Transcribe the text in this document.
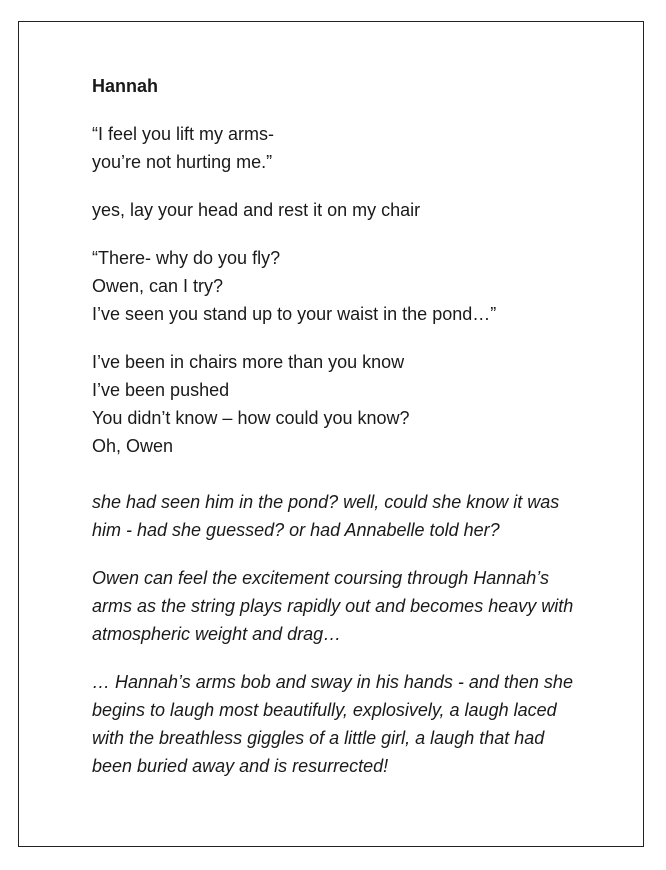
Hannah
“I feel you lift my arms-
you’re not hurting me.”
yes, lay your head and rest it on my chair
“There- why do you fly?
Owen, can I try?
I’ve seen you stand up to your waist in the pond…”
I’ve been in chairs more than you know
I’ve been pushed
You didn’t know – how could you know?
Oh, Owen
she had seen him in the pond? well, could she know it was
him - had she guessed? or had Annabelle told her?
Owen can feel the excitement coursing through Hannah’s
arms as the string plays rapidly out and becomes heavy with
atmospheric weight and drag…
… Hannah’s arms bob and sway in his hands - and then she
begins to laugh most beautifully, explosively, a laugh laced
with the breathless giggles of a little girl, a laugh that had
been buried away and is resurrected!
